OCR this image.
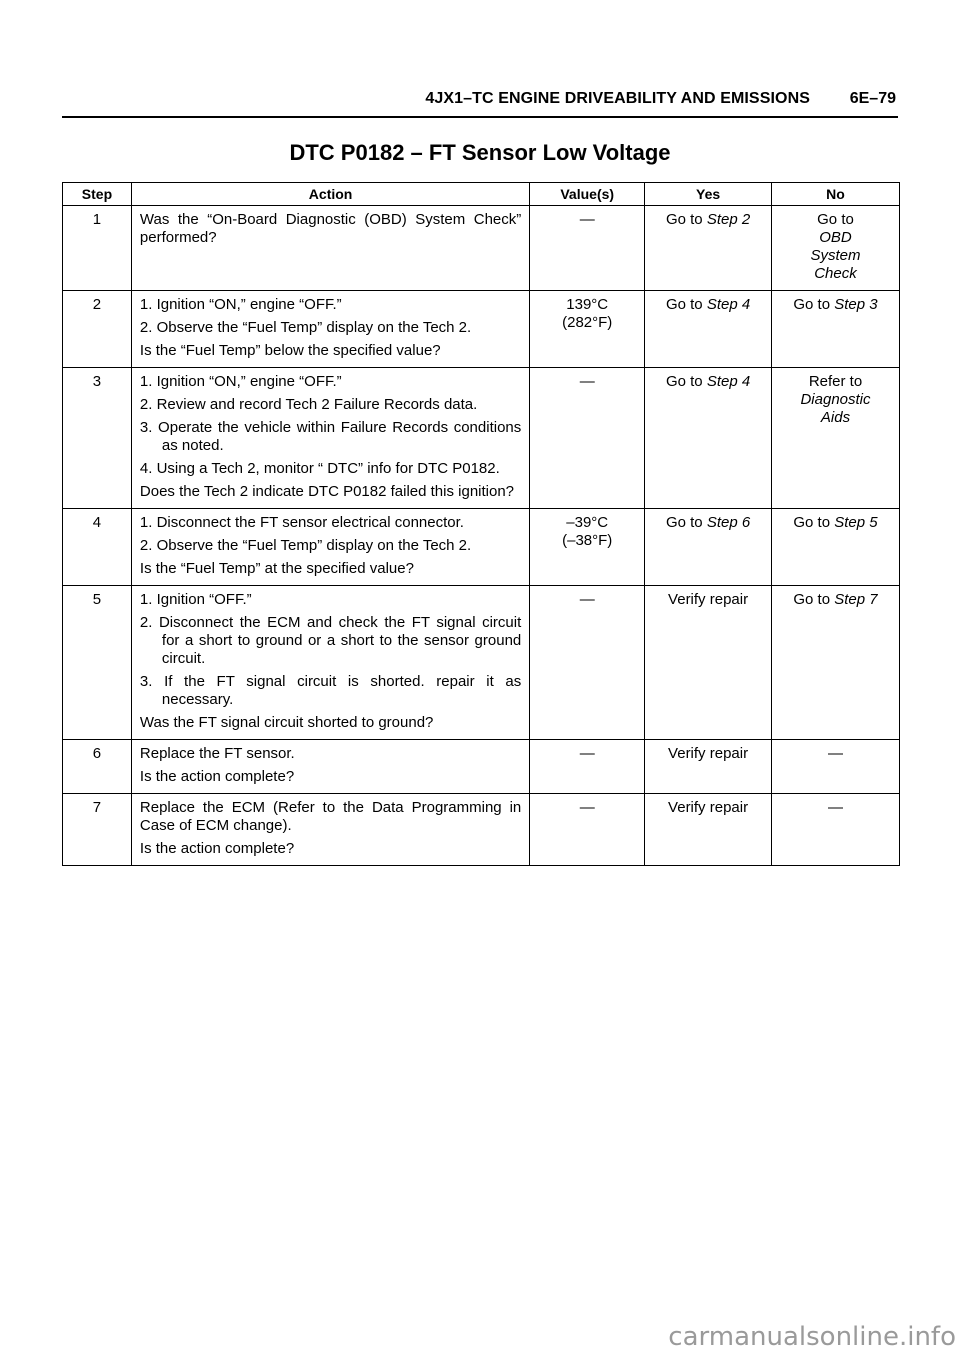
4JX1–TC ENGINE DRIVEABILITY AND EMISSIONS 6E–79
DTC P0182 – FT Sensor Low Voltage
Step	Action	Value(s)	Yes	No
1	Was the “On-Board Diagnostic (OBD) System Check” performed?	—	Go to Step 2	Go to
OBD System Check

2	1. Ignition “ON,” engine “OFF.”
2. Observe the “Fuel Temp” display on the Tech 2.
Is the “Fuel Temp” below the specified value?	139°C
(282°F)	Go to Step 4	Go to Step 3
3	1. Ignition “ON,” engine “OFF.”
2. Review and record Tech 2 Failure Records data.
3. Operate the vehicle within Failure Records conditions as noted.
4. Using a Tech 2, monitor “ DTC” info for DTC P0182.
Does the Tech 2 indicate DTC P0182 failed this ignition?	—	Go to Step 4	Refer to
Diagnostic Aids

4	1. Disconnect the FT sensor electrical connector.
2. Observe the “Fuel Temp” display on the Tech 2.
Is the “Fuel Temp” at the specified value?	–39°C
(–38°F)	Go to Step 6	Go to Step 5
5	1. Ignition “OFF.”
2. Disconnect the ECM and check the FT signal circuit for a short to ground or a short to the sensor ground circuit.
3. If the FT signal circuit is shorted. repair it as necessary.
Was the FT signal circuit shorted to ground?	—	Verify repair	Go to Step 7
6	Replace the FT sensor.
Is the action complete?	—	Verify repair	—
7	Replace the ECM (Refer to the Data Programming in Case of ECM change).
Is the action complete?	—	Verify repair	—
carmanualsonline.info
